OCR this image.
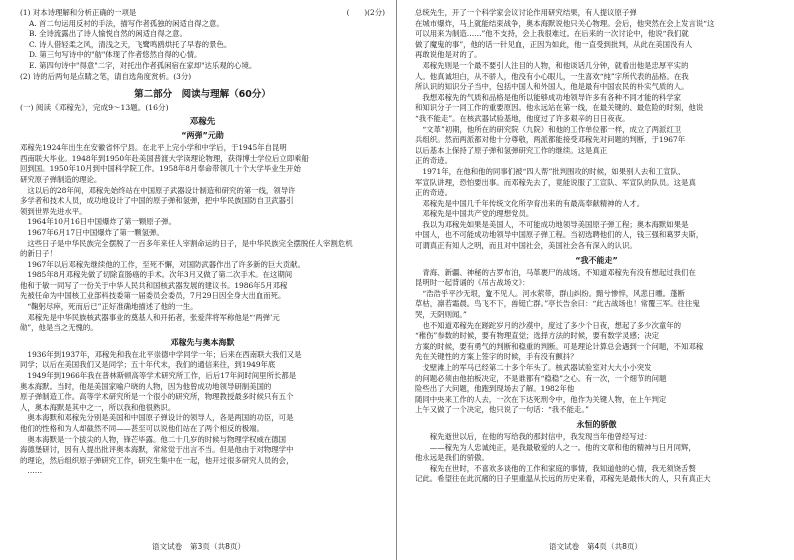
(1) 对本诗理解和分析正确的一项是	(　　)(2分)
A. 首二句运用反衬的手法，描写作者孤独的闲适自得之意。
B. 全诗流露出了诗人愉悦自然的闲适自得之意。
C. 诗人借轻柔之风，清浅之天，飞鹭鸣鸥烘托了早春的景色。
D. 第三句写诗中的"舫"体现了作者悠然自得的心情。
E. 第四句诗中"得意"二字，对托出作者孤闲宿在家却"达乐观的心境。
(2) 诗的后两句是点睛之笔，请自选角度赏析。(3分)
第二部分　阅读与理解（60分）
(一) 阅读《邓稼先》，完成9～13题。(16分)
邓稼先
“两弹”元勋
邓稼先1924年出生在安徽省怀宁县。在北平上完小学和中学后，于1945年自昆明
西南联大毕业。1948年到1950年赴美国普渡大学读理论物理，获得博士学位后立即乘船
回到国。1950年10月到中国科学院工作。1958年8月奉命带领几十个大学毕业生开始
研究原子弹制造的理论。
　这以后的28年间，邓稼先始终站在中国原子武器设计制造和研究的第一线，领导许
多学者和技术人员，成功地设计了中国的原子弹和氢弹，把中华民族国防自卫武器引
领到世界先进水平。
　1964年10月16日中国爆炸了第一颗原子弹。
　1967年6月17日中国爆炸了第一颗氢弹。
　这些日子是中华民族完全摆脱了一百多年来任人宰割命运的日子，是中华民族完全摆脱任人宰割危机
的新日子！
　1967年以后邓稼先继续他的工作，至死不懈，对国防武器作出了许多新的巨大贡献。
　1985年8月邓稼先做了切除直肠癌的手术。次年3月又做了第二次手术。在这期间
他和于敏一同写了一份关于中华人民共和国核武器发展的建议书。1986年5月邓稼
先被任命为中国核工业部科技委第一届委员会委员，7月29日因全身大出血而死。
　“鞠躬尽瘁，死而后已”正好准确地描述了他的一生。
　邓稼先是中华民族核武器事业的奠基人和开拓者，张爱萍将军称他是“‘两弹’元
勋”，他是当之无愧的。
邓稼先与奥本海默
　1936年到1937年，邓稼先和我在北平崇德中学同学一年；后来在西南联大我们又是
同学；以后在美国我们又是同学；五十年代末，我们的通信来往，到1949年底
　1949年到1966年我在普林斯顿高等学术研究所工作，后后17年间时间里所长都是
奥本海默。当时，他是美国家喻户晓的人物，因为他曾成功地领导研制美国的
原子弹制造工作。高等学术研究所是一个很小的研究所，物理教授最多时候只有五个
人，奥本海默是其中之一，所以我和他很熟识。
　奥本海默和邓稼先分别是美国和中国原子弹设计的领导人，各是两国的功臣，可是
他们的性格和为人却截然不同——甚至可以说他们站在了两个相反的极端。
　奥本海默是一个拔尖的人物，锋芒毕露。他二十几岁的时候与物理学权威在德国
海德堡研讨，因有人提出批评奥本海默，常常觉于出言不当。但是他由于对物理学中
的理论，然后组织原子弹研究工作，研究生集中在一起，他开过很多研究人员的会，
　……
语文试卷　第3页（共8页）
总统先生，开了一个科学家会议讨论作用研究结果，有人提议原子弹
在城市爆炸，马上就能结束战争，奥本海默说他只关心物理。会后，他突然在会上发言说“这
可以用来为制造……”他不支持，会上我很难过。在后来的一次讨论中，他说“我们就
做了魔鬼的事”，他的话一针见血，正因为如此，他一直受到批判，从此在美国没有人
再敢说他是对的了。
　邓稼先则是一个最不要引人注目的人物，和他谈话几分钟，就看出他是忠厚平实的
人。他真诚坦白，从不骄人，他没有小心眼儿，一生喜欢“纯”字所代表的品格。在我
所认识的知识分子当中，包括中国人和外国人，他是最有中国农民的朴实气质的人。
　我想邓稼先的气质和品格是他所以能够成功地领导许多有各种不同才能的科学家
和知识分子一同工作的重要原因。他永远站在第一线，在最关键的、最危险的时刻，他说
“我不能走”。在核武器试验基地，他度过了许多艰辛的日日夜夜。
　“文革”初期，他所在的研究院（九院）和他的工作单位都一样，成立了两派红卫
兵组织。然而两派都对他十分尊敬，两派都能接受邓稼先对问题的判断，于1967年
以后基本上保持了原子弹和氢弹研究工作的继续。这是真正
正的奇迹。
　1971年，在他和他的同事们被“四人帮”批判围攻的时候，如果别人去和工宣队、
军宣队讲理，恐怕要出事。而邓稼先去了，竟能说服了工宣队、军宣队的队员。这是真
正的奇迹。
　邓稼先是中国几千年传统文化所孕育出来的有最高奉献精神的人才。
　邓稼先是中国共产党的理想党员。
　我以为邓稼先如果是美国人，不可能成功地领导美国原子弹工程；奥本海默如果是
中国人，也不可能成功地领导中国原子弹工程。当初选聘他们的人，钱三强和葛罗夫斯，
可谓真正有知人之明，而且对中国社会，美国社会各有深入的认识。
“我不能走”
　青海、新疆、神秘的古罗布泊，马革裹尸的战场。不知道邓稼先有没有想起过我们在
昆明时一起背诵的《吊古战场文》：
　“浩浩乎平沙无垠，夐不见人。河水萦带，群山纠纷。黯兮惨悴，风悲日曛。蓬断
草枯，凛若霜晨。鸟飞不下，兽铤亡群。”亭长告余曰：“此古战场也！常覆三军。往往鬼
哭，天阴则闻。”
　也不知道邓稼先在蹉跎岁月的沙漠中，度过了多少个日夜，想起了多少次童年的
“稚伤”参数的时候，要有物理直觉；选择方法的时候，要有数学灵感；决定
方案的时候，要有勇气的判断和稳重的判断。可是理论计算总会遇到一个问题，不知邓稼
先在关键性的方案上签字的时候，手有没有颤抖？
　戈壁滩上的军马已经第二十多个年头了。核武器试验室对大大小小突发
的问题必须由他拍板决定，不是谁都有“稳稳”之心。有一次，一个细节的问题
险些出了大问题，他跑到现场去了解。1982年他
随同中央来工作的人去，一次在下达死刑令中，他作为关键人物，在上午判定
上午又做了一个决定，他只说了一句话：“我不能走。”
永恒的骄傲
　　稼先逝世以后，在他的写给我的那封信中，我发现当年他曾经写过：
　　——稼先为人忠诚纯正，是我最敬爱的人之一。他的文章和他的精神与日月同辉，
他永远是我们的骄傲。
　　稼先在世时，不喜欢多谈他的工作和家庭的事情，我知道他的心情，我无须饶舌赘
记此。希望往在此沉痛的日子里重温从长远的历史来看，邓稼先是最伟大的人，只有真正大
语文试卷　第4页（共8页）
